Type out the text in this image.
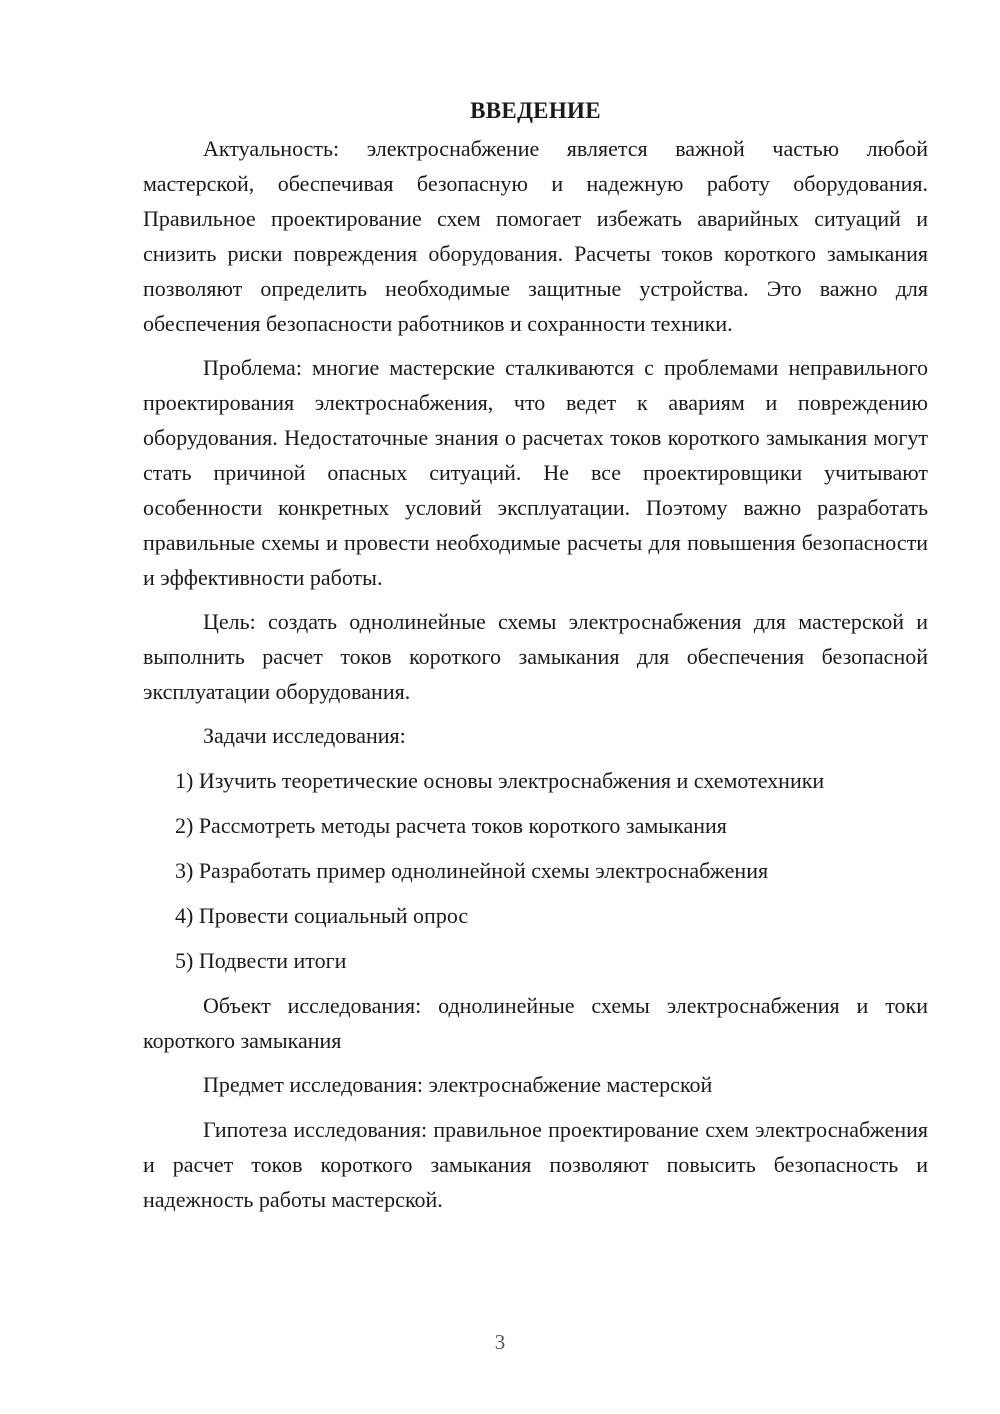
ВВЕДЕНИЕ

Актуальность: электроснабжение является важной частью любой мастерской, обеспечивая безопасную и надежную работу оборудования. Правильное проектирование схем помогает избежать аварийных ситуаций и снизить риски повреждения оборудования. Расчеты токов короткого замыкания позволяют определить необходимые защитные устройства. Это важно для обеспечения безопасности работников и сохранности техники.

Проблема: многие мастерские сталкиваются с проблемами неправильного проектирования электроснабжения, что ведет к авариям и повреждению оборудования. Недостаточные знания о расчетах токов короткого замыкания могут стать причиной опасных ситуаций. Не все проектировщики учитывают особенности конкретных условий эксплуатации. Поэтому важно разработать правильные схемы и провести необходимые расчеты для повышения безопасности и эффективности работы.

Цель: создать однолинейные схемы электроснабжения для мастерской и выполнить расчет токов короткого замыкания для обеспечения безопасной эксплуатации оборудования.

Задачи исследования:

1) Изучить теоретические основы электроснабжения и схемотехники
2) Рассмотреть методы расчета токов короткого замыкания
3) Разработать пример однолинейной схемы электроснабжения
4) Провести социальный опрос
5) Подвести итоги

Объект исследования: однолинейные схемы электроснабжения и токи короткого замыкания

Предмет исследования: электроснабжение мастерской

Гипотеза исследования: правильное проектирование схем электроснабжения и расчет токов короткого замыкания позволяют повысить безопасность и надежность работы мастерской.

3
